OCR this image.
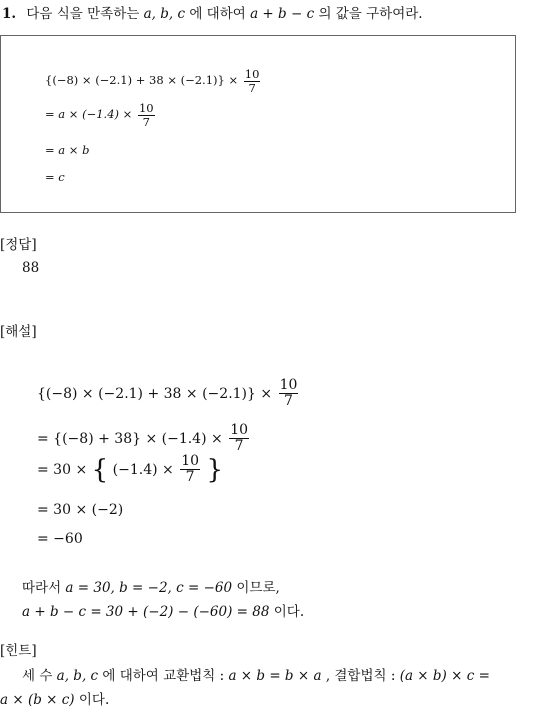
1. 다음 식을 만족하는 a, b, c 에 대하여 a + b − c 의 값을 구하여라.
$\{(-8) \times (-2.1) + 38 \times (-2.1)\} \times \frac{10}{7}$
= $a \times (-1.4) \times \frac{10}{7}$
= a × b
= c
[정답]
88
[해설]
$\{(-8) \times (-2.1) + 38 \times (-2.1)\} \times \frac{10}{7}$
= $\{(-8) + 38\} \times (-1.4) \times \frac{10}{7}$
= 30 × { $(-1.4) \times \frac{10}{7}$ }
= 30 × (−2)
= −60
따라서 a = 30, b = −2, c = −60 이므로,
a + b − c = 30 + (−2) − (−60) = 88 이다.
[힌트]
세 수 a, b, c 에 대하여 교환법칙 : a × b = b × a , 결합법칙 : (a × b) × c =
a × (b × c) 이다.
